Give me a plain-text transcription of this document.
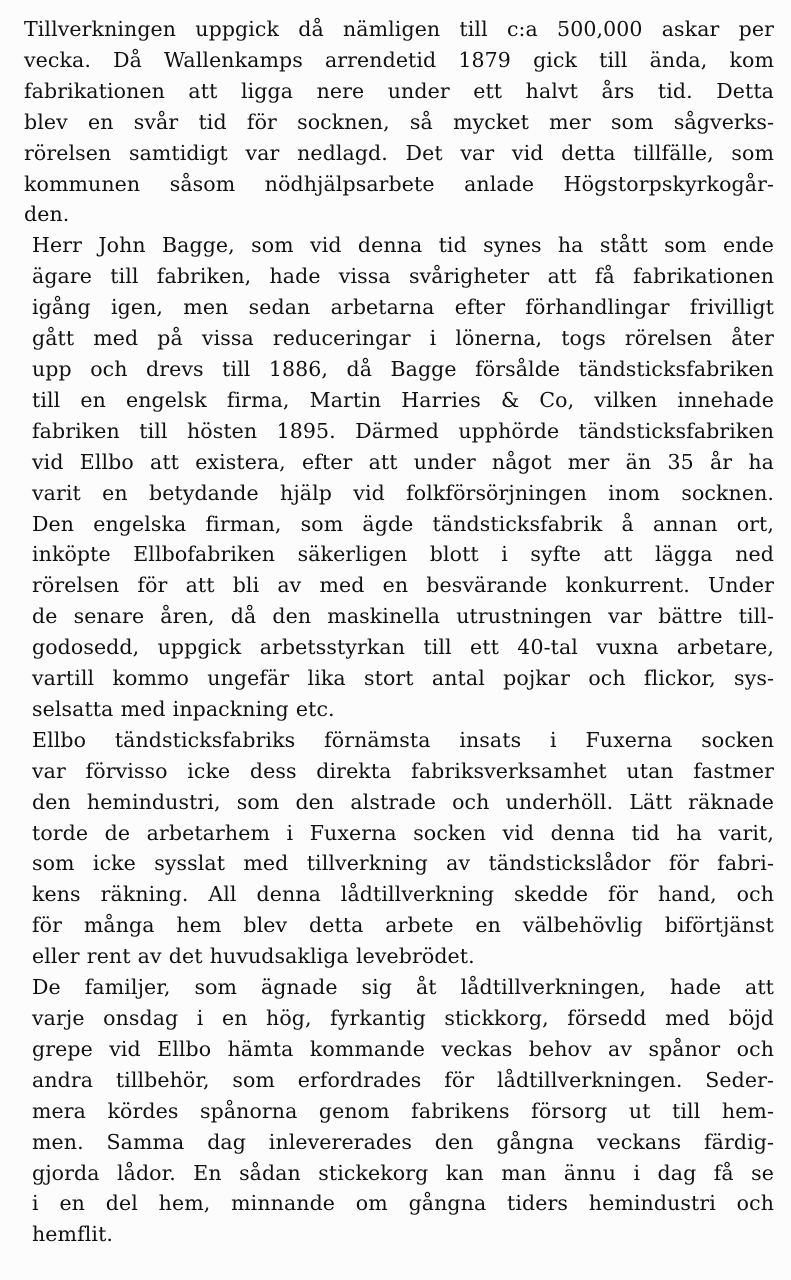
Tillverkningen uppgick då nämligen till c:a 500,000 askar per
vecka. Då Wallenkamps arrendetid 1879 gick till ända, kom
fabrikationen att ligga nere under ett halvt års tid. Detta
blev en svår tid för socknen, så mycket mer som sågverks-
rörelsen samtidigt var nedlagd. Det var vid detta tillfälle, som
kommunen såsom nödhjälpsarbete anlade Högstorpskyrkogår-
den.

Herr John Bagge, som vid denna tid synes ha stått som ende
ägare till fabriken, hade vissa svårigheter att få fabrikationen
igång igen, men sedan arbetarna efter förhandlingar frivilligt
gått med på vissa reduceringar i lönerna, togs rörelsen åter
upp och drevs till 1886, då Bagge försålde tändsticksfabriken
till en engelsk firma, Martin Harries & Co, vilken innehade
fabriken till hösten 1895. Därmed upphörde tändsticksfabriken
vid Ellbo att existera, efter att under något mer än 35 år ha
varit en betydande hjälp vid folkförsörjningen inom socknen.
Den engelska firman, som ägde tändsticksfabrik å annan ort,
inköpte Ellbofabriken säkerligen blott i syfte att lägga ned
rörelsen för att bli av med en besvärande konkurrent. Under
de senare åren, då den maskinella utrustningen var bättre till-
godosedd, uppgick arbetsstyrkan till ett 40-tal vuxna arbetare,
vartill kommo ungefär lika stort antal pojkar och flickor, sys-
selsatta med inpackning etc.

Ellbo tändsticksfabriks förnämsta insats i Fuxerna socken
var förvisso icke dess direkta fabriksverksamhet utan fastmer
den hemindustri, som den alstrade och underhöll. Lätt räknade
torde de arbetarhem i Fuxerna socken vid denna tid ha varit,
som icke sysslat med tillverkning av tändstickslådor för fabri-
kens räkning. All denna lådtillverkning skedde för hand, och
för många hem blev detta arbete en välbehövlig biförtjänst
eller rent av det huvudsakliga levebrödet.

De familjer, som ägnade sig åt lådtillverkningen, hade att
varje onsdag i en hög, fyrkantig stickkorg, försedd med böjd
grepe vid Ellbo hämta kommande veckas behov av spånor och
andra tillbehör, som erfordrades för lådtillverkningen. Seder-
mera kördes spånorna genom fabrikens försorg ut till hem-
men. Samma dag inlevererades den gångna veckans färdig-
gjorda lådor. En sådan stickekorg kan man ännu i dag få se
i en del hem, minnande om gångna tiders hemindustri och
hemflit.
